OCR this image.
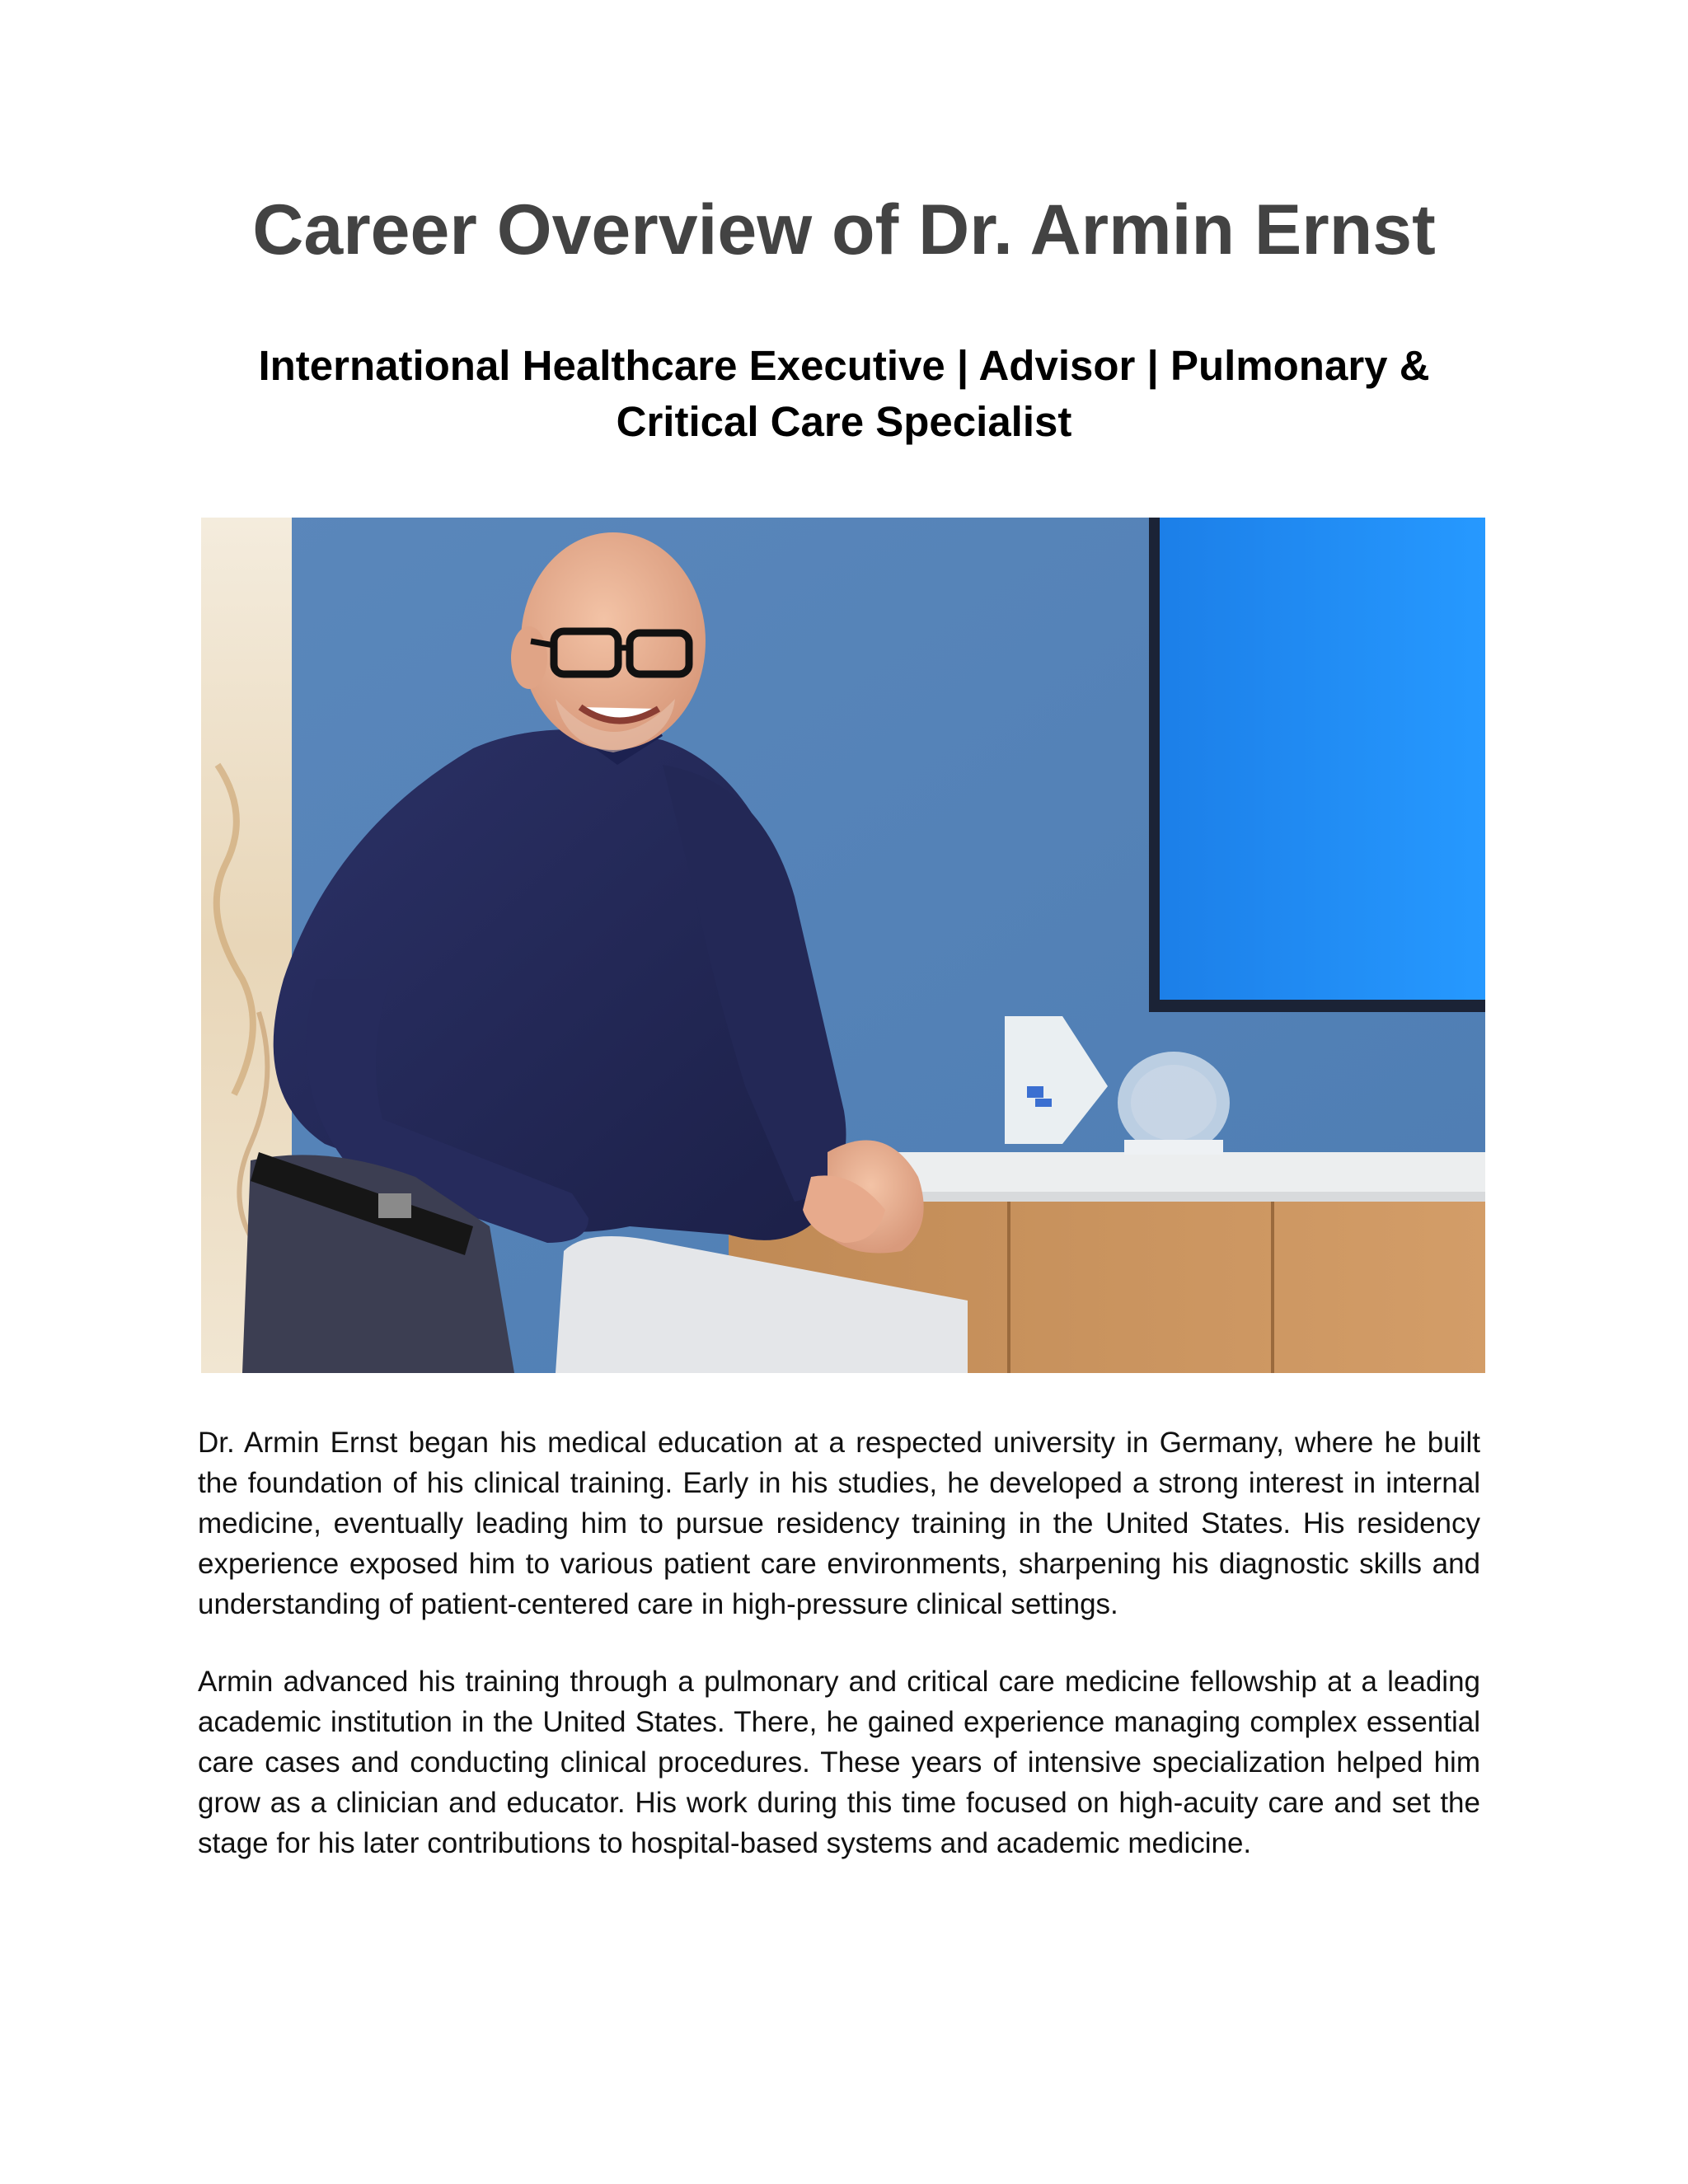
Career Overview of Dr. Armin Ernst
International Healthcare Executive | Advisor | Pulmonary & Critical Care Specialist

Dr. Armin Ernst began his medical education at a respected university in Germany, where he built the foundation of his clinical training. Early in his studies, he developed a strong interest in internal medicine, eventually leading him to pursue residency training in the United States. His residency experience exposed him to various patient care environments, sharpening his diagnostic skills and understanding of patient-centered care in high-pressure clinical settings.

Armin advanced his training through a pulmonary and critical care medicine fellowship at a leading academic institution in the United States. There, he gained experience managing complex essential care cases and conducting clinical procedures. These years of intensive specialization helped him grow as a clinician and educator. His work during this time focused on high-acuity care and set the stage for his later contributions to hospital-based systems and academic medicine.
